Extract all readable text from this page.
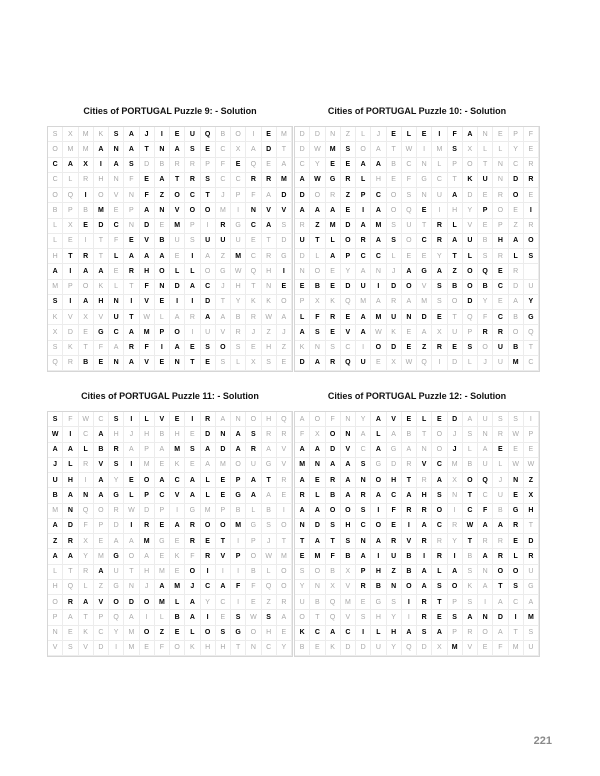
Cities of PORTUGAL Puzzle 9: - Solution
S	X	M	K	S	A	J	I	E	U	Q	B	O	I	E	M
O	M	M	A	N	A	T	N	A	S	E	C	X	A	D	T
C	A	X	I	A	S	D	B	R	R	P	F	E	Q	E	A
C	L	R	H	N	F	E	A	T	R	S	C	C	R	R	M
O	Q	I	O	V	N	F	Z	O	C	T	J	P	F	A	D
B	P	B	M	E	P	A	N	V	O	O	M	I	N	V	V
L	X	E	D	C	N	D	E	M	P	I	R	G	C	A	S
L	E	I	T	F	E	V	B	U	S	U	U	U	E	T	D
H	T	R	T	L	A	A	A	E	I	A	Z	M	C	R	G
A	I	A	A	E	R	H	O	L	L	O	G	W	Q	H	I
M	P	O	K	L	T	F	N	D	A	C	J	H	T	N	E
S	I	A	H	N	I	V	E	I	I	D	T	Y	K	K	O
K	V	X	V	U	T	W	L	A	R	A	A	B	R	W	A
X	D	E	G	C	A	M	P	O	I	U	V	R	J	Z	J
S	K	T	F	A	R	F	I	A	E	S	O	S	E	H	Z
Q	R	B	E	N	A	V	E	N	T	E	S	L	X	S	E
Cities of PORTUGAL Puzzle 10: - Solution
D	D	N	Z	L	J	E	L	E	I	F	A	N	E	P	F
D	W	M	S	O	A	T	W	I	M	S	X	L	L	Y	E
C	Y	E	E	A	A	B	C	N	L	P	O	T	N	C	R
A	W	G	R	L	H	E	F	G	C	T	K	U	N	D	R
D	O	R	Z	P	C	O	S	N	U	A	D	E	R	O	E
A	A	A	E	I	A	O	Q	E	I	H	Y	P	O	E	I
R	Z	M	D	A	M	S	U	T	R	L	V	E	P	Z	R
U	T	L	O	R	A	S	O	C	R	A	U	B	H	A	O
D	L	A	P	C	C	L	E	E	Y	T	L	S	R	L	S
N	O	E	Y	A	N	J	A	G	A	Z	O	Q	E	R
E	B	E	D	U	I	D	O	V	S	B	O	B	C	D	U
P	X	K	Q	M	A	R	A	M	S	O	D	Y	E	A	Y
L	F	R	E	A	M	U	N	D	E	T	Q	F	C	B	G
A	S	E	V	A	W	K	E	A	X	U	P	R	R	O	Q
K	N	S	C	I	O	D	E	Z	R	E	S	O	U	B	T
D	A	R	Q	U	E	X	W	Q	I	D	L	J	U	M	C
Cities of PORTUGAL Puzzle 11: - Solution
S	F	W	C	S	I	L	V	E	I	R	A	N	O	H	Q
W	I	C	A	H	J	H	B	H	E	D	N	A	S	R	R
A	A	L	B	R	A	P	A	M	S	A	D	A	R	A	V
J	L	R	V	S	I	M	E	K	E	A	M	O	U	G	V
U	H	I	A	Y	E	O	A	C	A	L	E	P	A	T	R
B	A	N	A	G	L	P	C	V	A	L	E	G	A	A	E
M	N	Q	O	R	W	D	P	I	G	M	P	B	L	B	I
A	D	F	P	D	I	R	E	A	R	O	O	M	G	S	O
Z	R	X	E	A	A	M	G	E	R	E	T	I	P	J	T
A	A	Y	M	G	O	A	E	K	F	R	V	P	O	W	M
L	T	R	A	U	T	H	M	E	O	I	I	I	B	L	O
H	Q	L	Z	G	N	J	A	M	J	C	A	F	F	Q	O
O	R	A	V	O	D	O	M	L	A	Y	C	I	E	Z	R
P	A	T	P	Q	A	I	L	B	A	I	E	S	W	S	A
N	E	K	C	Y	M	O	Z	E	L	O	S	G	O	H	E
V	S	V	D	I	M	E	F	O	K	H	H	T	N	C	Y
Cities of PORTUGAL Puzzle 12: - Solution
A	O	F	N	Y	A	V	E	L	E	D	A	U	S	S	I
F	X	O	N	A	L	A	B	T	O	J	S	N	R	W	P
A	A	D	V	C	A	G	A	N	O	J	L	A	E	E	E
M	N	A	A	S	G	D	R	V	C	M	B	U	L	W	W
A	E	R	A	N	O	H	T	R	A	X	O	Q	J	N	Z
R	L	B	A	R	A	C	A	H	S	N	T	C	U	E	X
A	A	O	O	S	I	F	R	R	O	I	C	F	B	G	H
N	D	S	H	C	O	E	I	A	C	R	W	A	A	R	T
T	A	T	S	N	A	R	V	R	R	Y	T	R	R	E	D
E	M	F	B	A	I	U	B	I	R	I	B	A	R	L	R
S	O	B	X	P	H	Z	B	A	L	A	S	N	O	O	U
Y	N	X	V	R	B	N	O	A	S	O	K	A	T	S	G
U	B	Q	M	E	G	S	I	R	T	P	S	I	A	C	A
O	T	Q	V	S	H	Y	I	R	E	S	A	N	D	I	M
K	C	A	C	I	L	H	A	S	A	P	R	O	A	T	S
B	E	K	D	D	U	Y	Q	D	X	M	V	E	F	M	U
221
